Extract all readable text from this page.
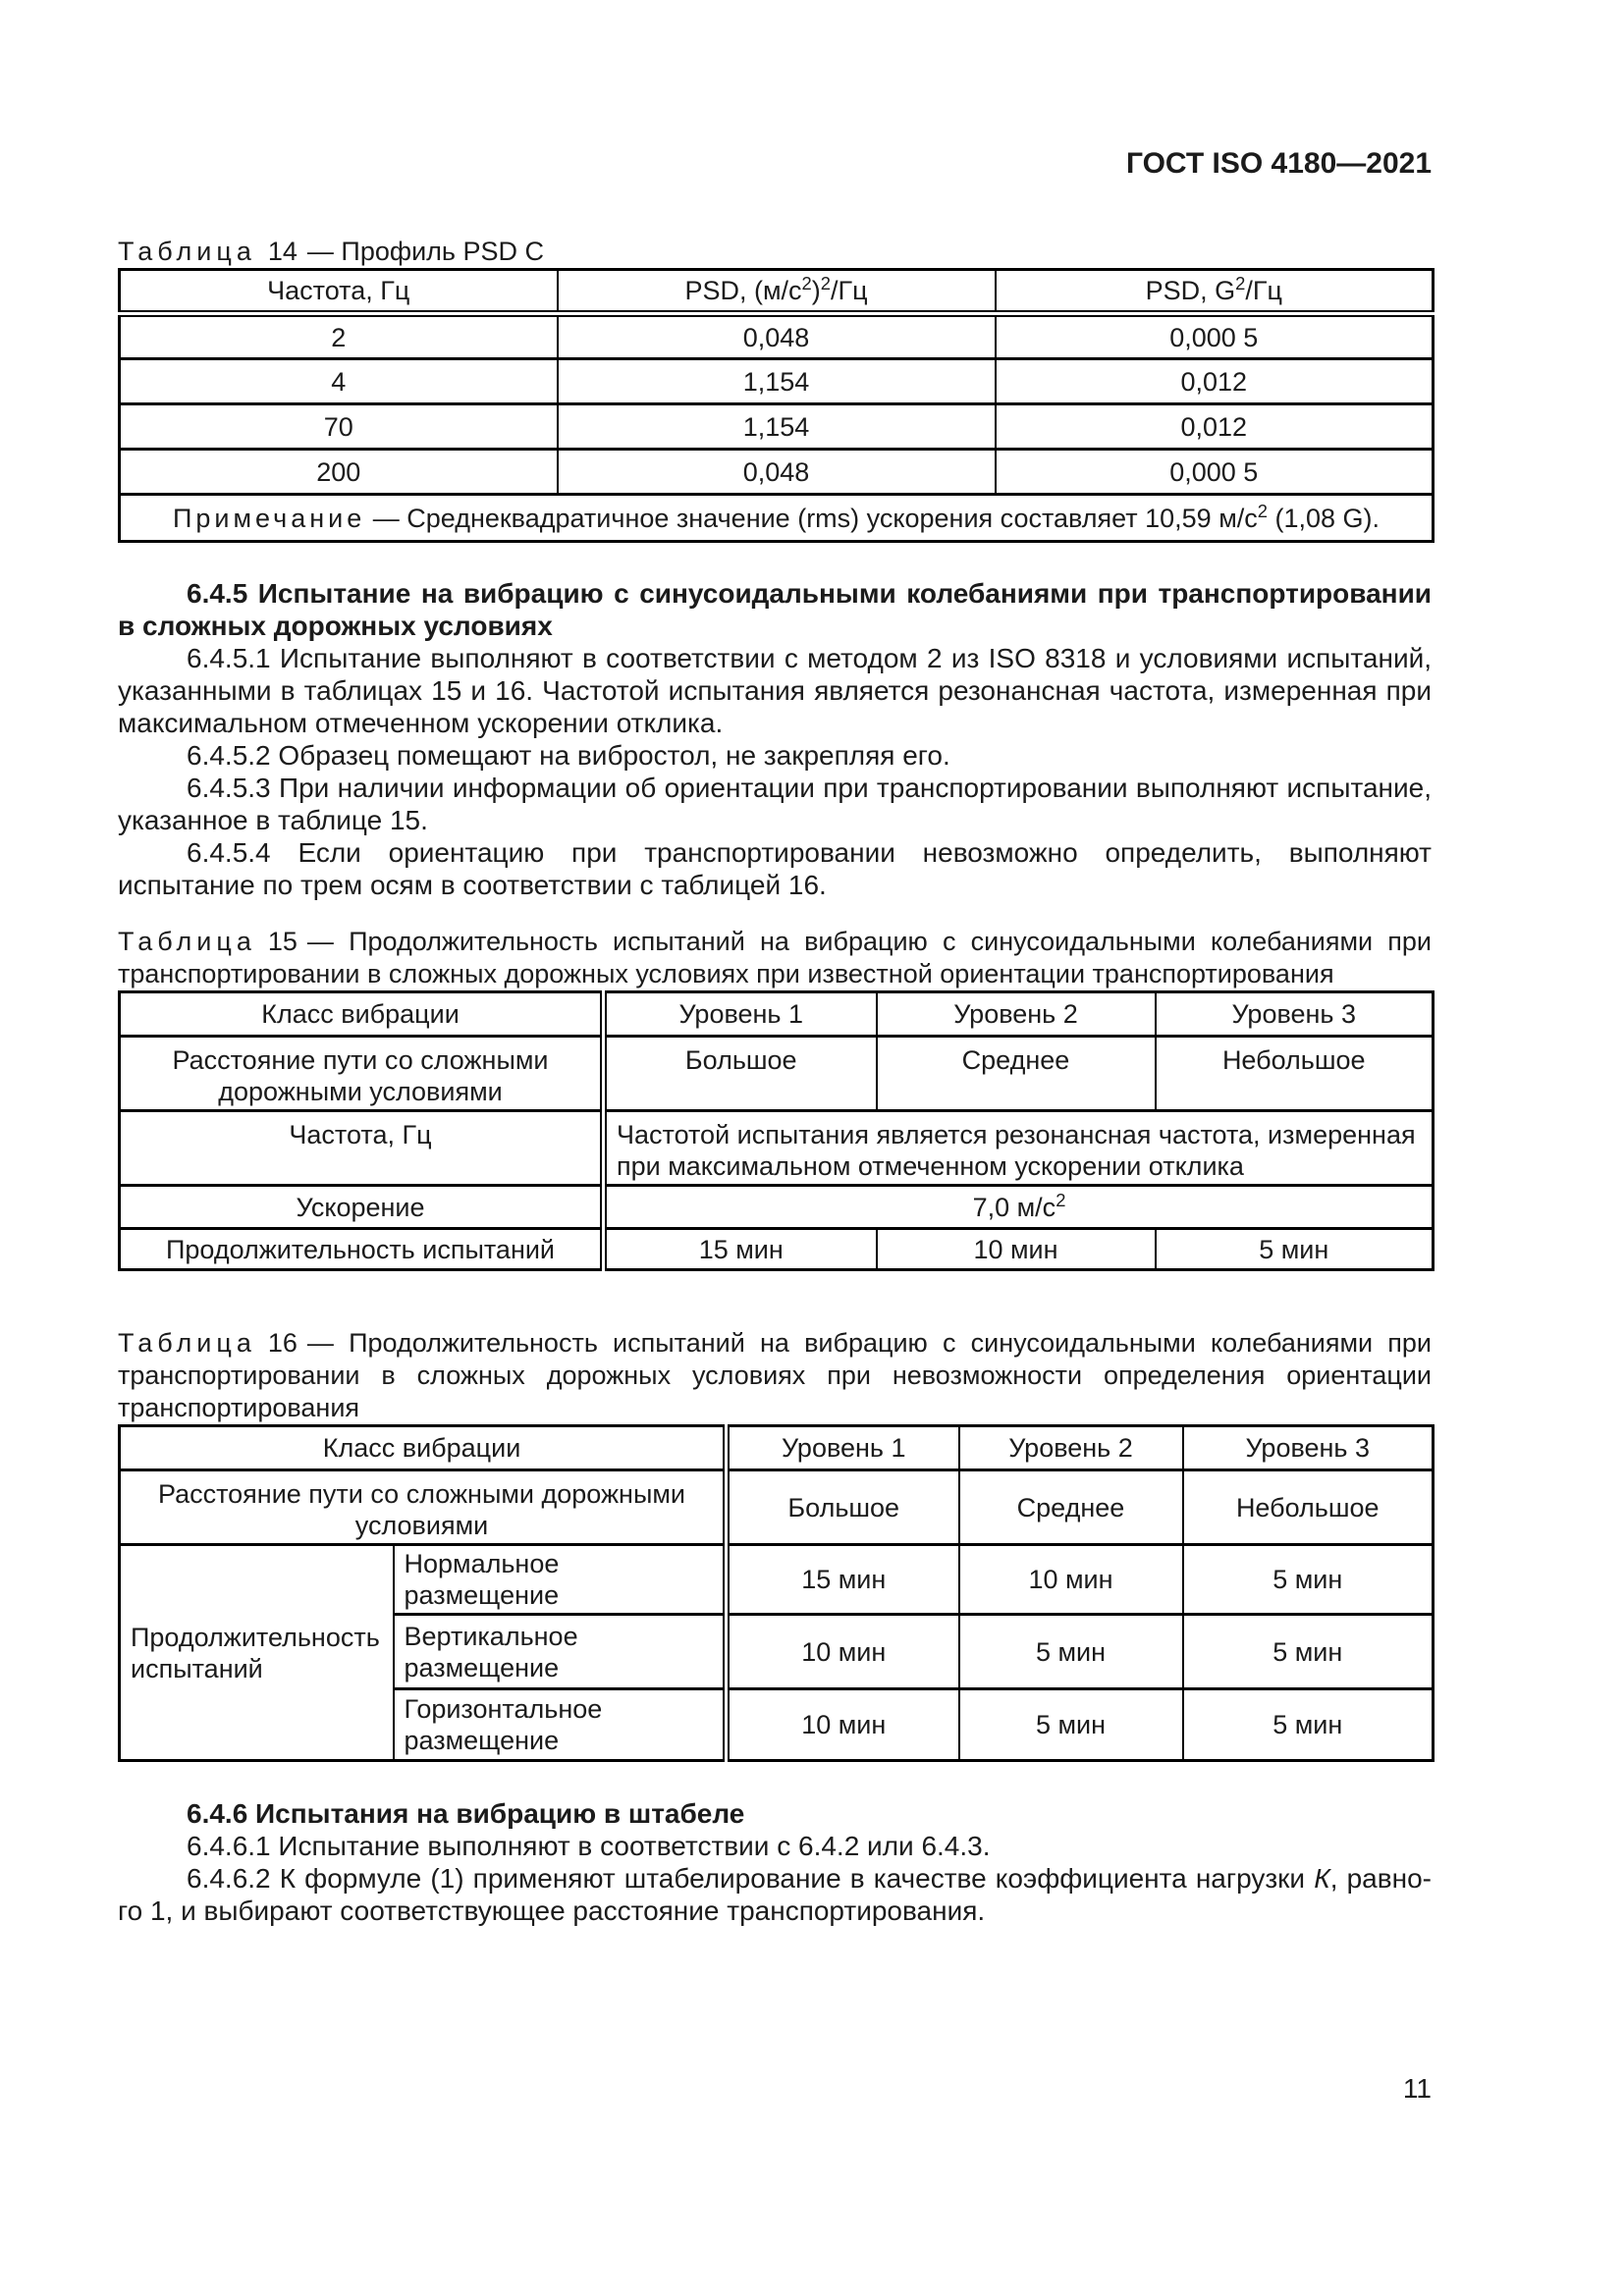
ГОСТ ISO 4180—2021

Таблица 14 — Профиль PSD C

Частота, Гц	PSD, $(м/с^2)^2/Гц$	PSD, $G^2/Гц$
2	0,048	0,000 5
4	1,154	0,012
70	1,154	0,012
200	0,048	0,000 5
Примечание — Среднеквадратичное значение (rms) ускорения составляет 10,59 $м/с^2$ (1,08 G).		

6.4.5 Испытание на вибрацию с синусоидальными колебаниями при транспортировании в сложных дорожных условиях

6.4.5.1 Испытание выполняют в соответствии с методом 2 из ISO 8318 и условиями испытаний, указанными в таблицах 15 и 16. Частотой испытания является резонансная частота, измеренная при максимальном отмеченном ускорении отклика.

6.4.5.2 Образец помещают на вибростол, не закрепляя его.

6.4.5.3 При наличии информации об ориентации при транспортировании выполняют испытание, указанное в таблице 15.

6.4.5.4 Если ориентацию при транспортировании невозможно определить, выполняют испытание по трем осям в соответствии с таблицей 16.

Таблица 15 — Продолжительность испытаний на вибрацию с синусоидальными колебаниями при транспортировании в сложных дорожных условиях при известной ориентации транспортирования

Класс вибрации	Уровень 1	Уровень 2	Уровень 3
Расстояние пути со сложными дорожными условиями	Большое	Среднее	Небольшое
Частота, Гц	Частотой испытания является резонансная частота, измеренная при максимальном отмеченном ускорении отклика		
Ускорение	7,0 $м/с^2$
Продолжительность испытаний	15 мин	10 мин	5 мин

Таблица 16 — Продолжительность испытаний на вибрацию с синусоидальными колебаниями при транспортировании в сложных дорожных условиях при невозможности определения ориентации транспортирования

Класс вибрации		Уровень 1	Уровень 2	Уровень 3
Расстояние пути со сложными дорожными условиями		Большое	Среднее	Небольшое
Продолжительность испытаний	Нормальное размещение	15 мин	10 мин	5 мин
	Вертикальное размещение	10 мин	5 мин	5 мин
	Горизонтальное размещение	10 мин	5 мин	5 мин

6.4.6 Испытания на вибрацию в штабеле

6.4.6.1 Испытание выполняют в соответствии с 6.4.2 или 6.4.3.

6.4.6.2 К формуле (1) применяют штабелирование в качестве коэффициента нагрузки К, равного 1, и выбирают соответствующее расстояние транспортирования.

11
